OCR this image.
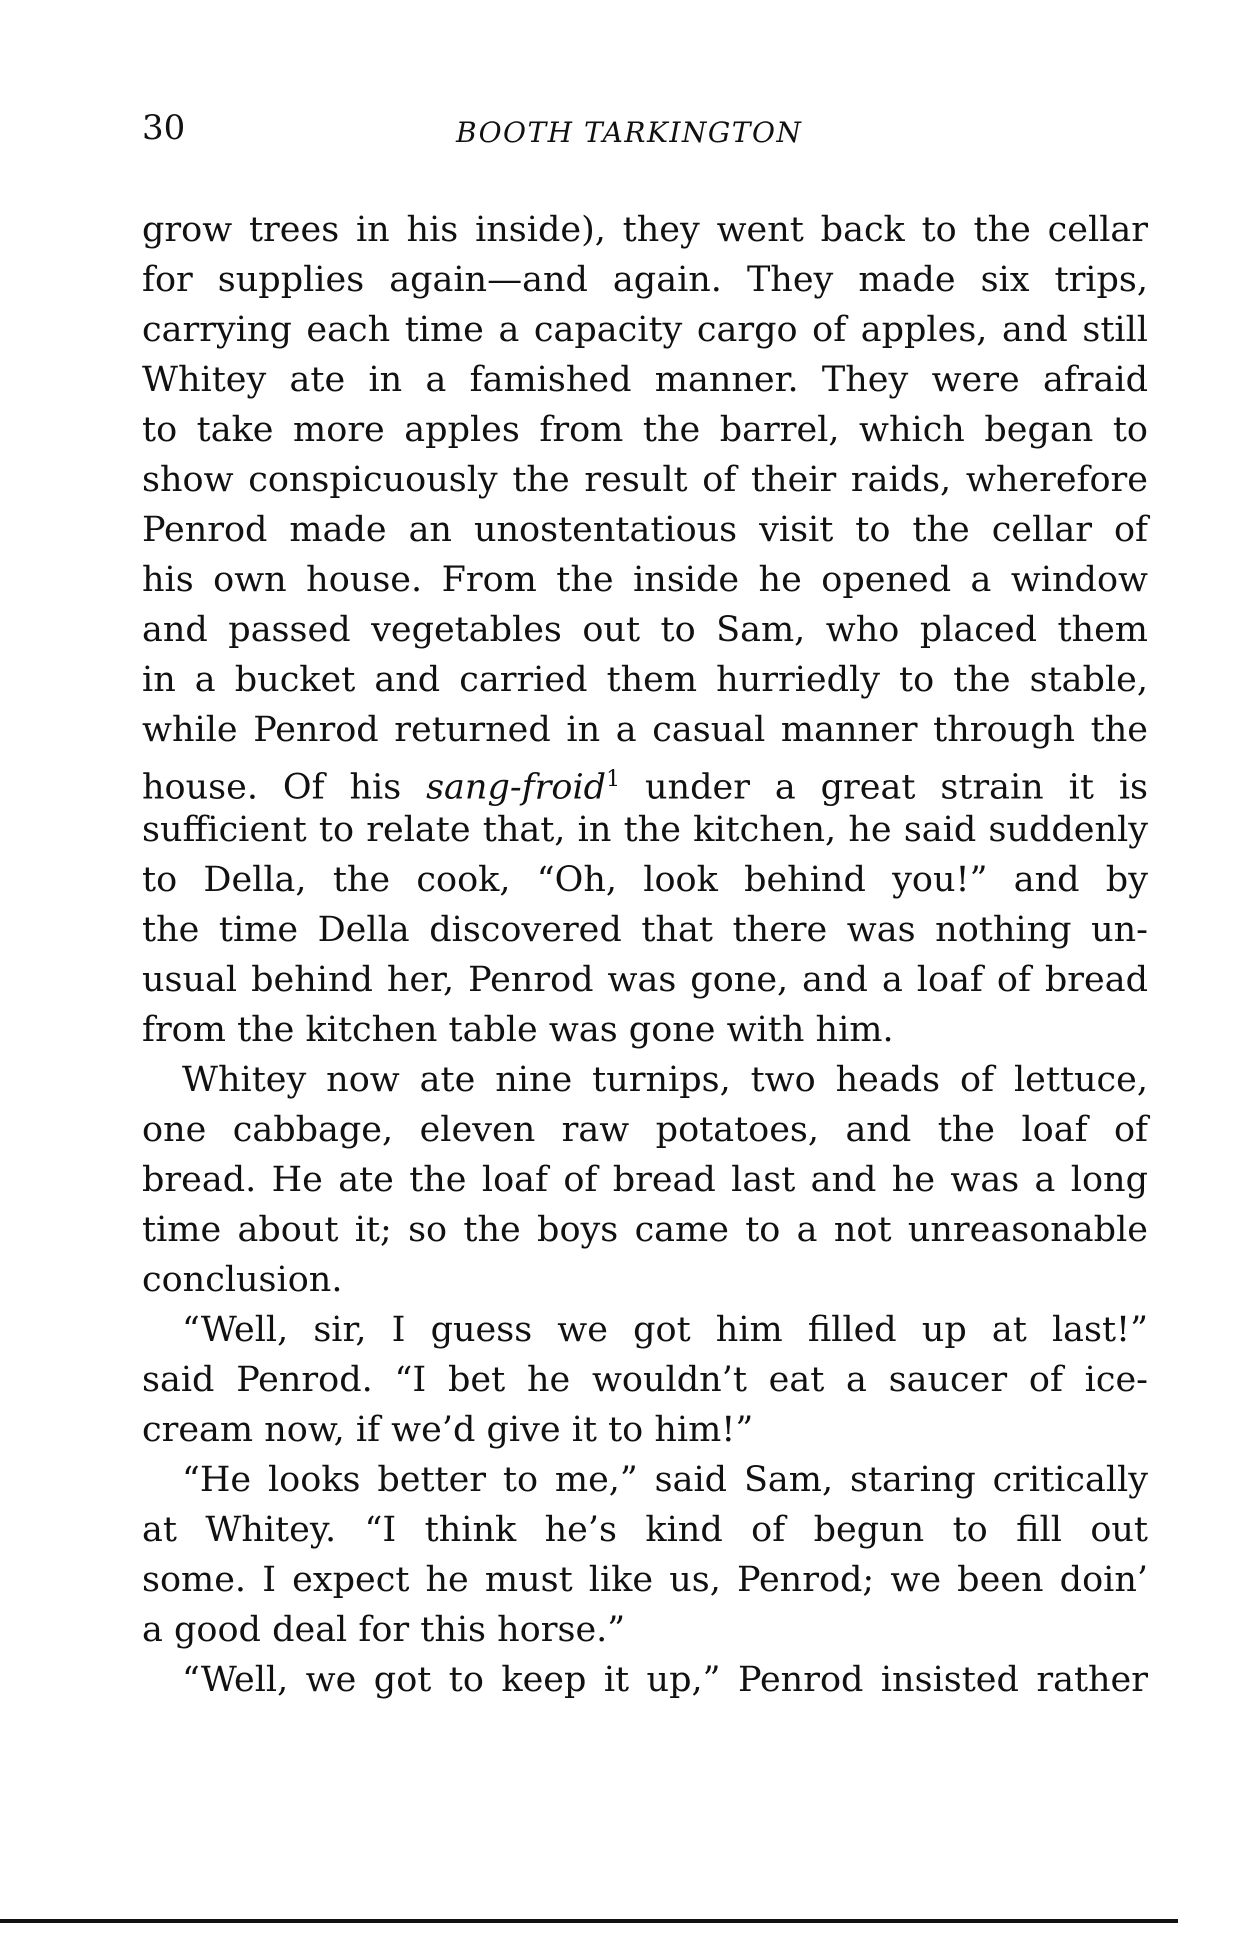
30	BOOTH TARKINGTON
grow trees in his inside), they went back to the cellar
for supplies again—and again. They made six trips,
carrying each time a capacity cargo of apples, and still
Whitey ate in a famished manner. They were afraid
to take more apples from the barrel, which began to
show conspicuously the result of their raids, wherefore
Penrod made an unostentatious visit to the cellar of
his own house. From the inside he opened a window
and passed vegetables out to Sam, who placed them
in a bucket and carried them hurriedly to the stable,
while Penrod returned in a casual manner through the
house. Of his sang-froid$^1$ under a great strain it is
sufficient to relate that, in the kitchen, he said suddenly
to Della, the cook, “Oh, look behind you!” and by
the time Della discovered that there was nothing un-
usual behind her, Penrod was gone, and a loaf of bread
from the kitchen table was gone with him.
Whitey now ate nine turnips, two heads of lettuce,
one cabbage, eleven raw potatoes, and the loaf of
bread. He ate the loaf of bread last and he was a long
time about it; so the boys came to a not unreasonable
conclusion.
“Well, sir, I guess we got him filled up at last!”
said Penrod. “I bet he wouldn’t eat a saucer of ice-
cream now, if we’d give it to him!”
“He looks better to me,” said Sam, staring critically
at Whitey. “I think he’s kind of begun to fill out
some. I expect he must like us, Penrod; we been doin’
a good deal for this horse.”
“Well, we got to keep it up,” Penrod insisted rather
